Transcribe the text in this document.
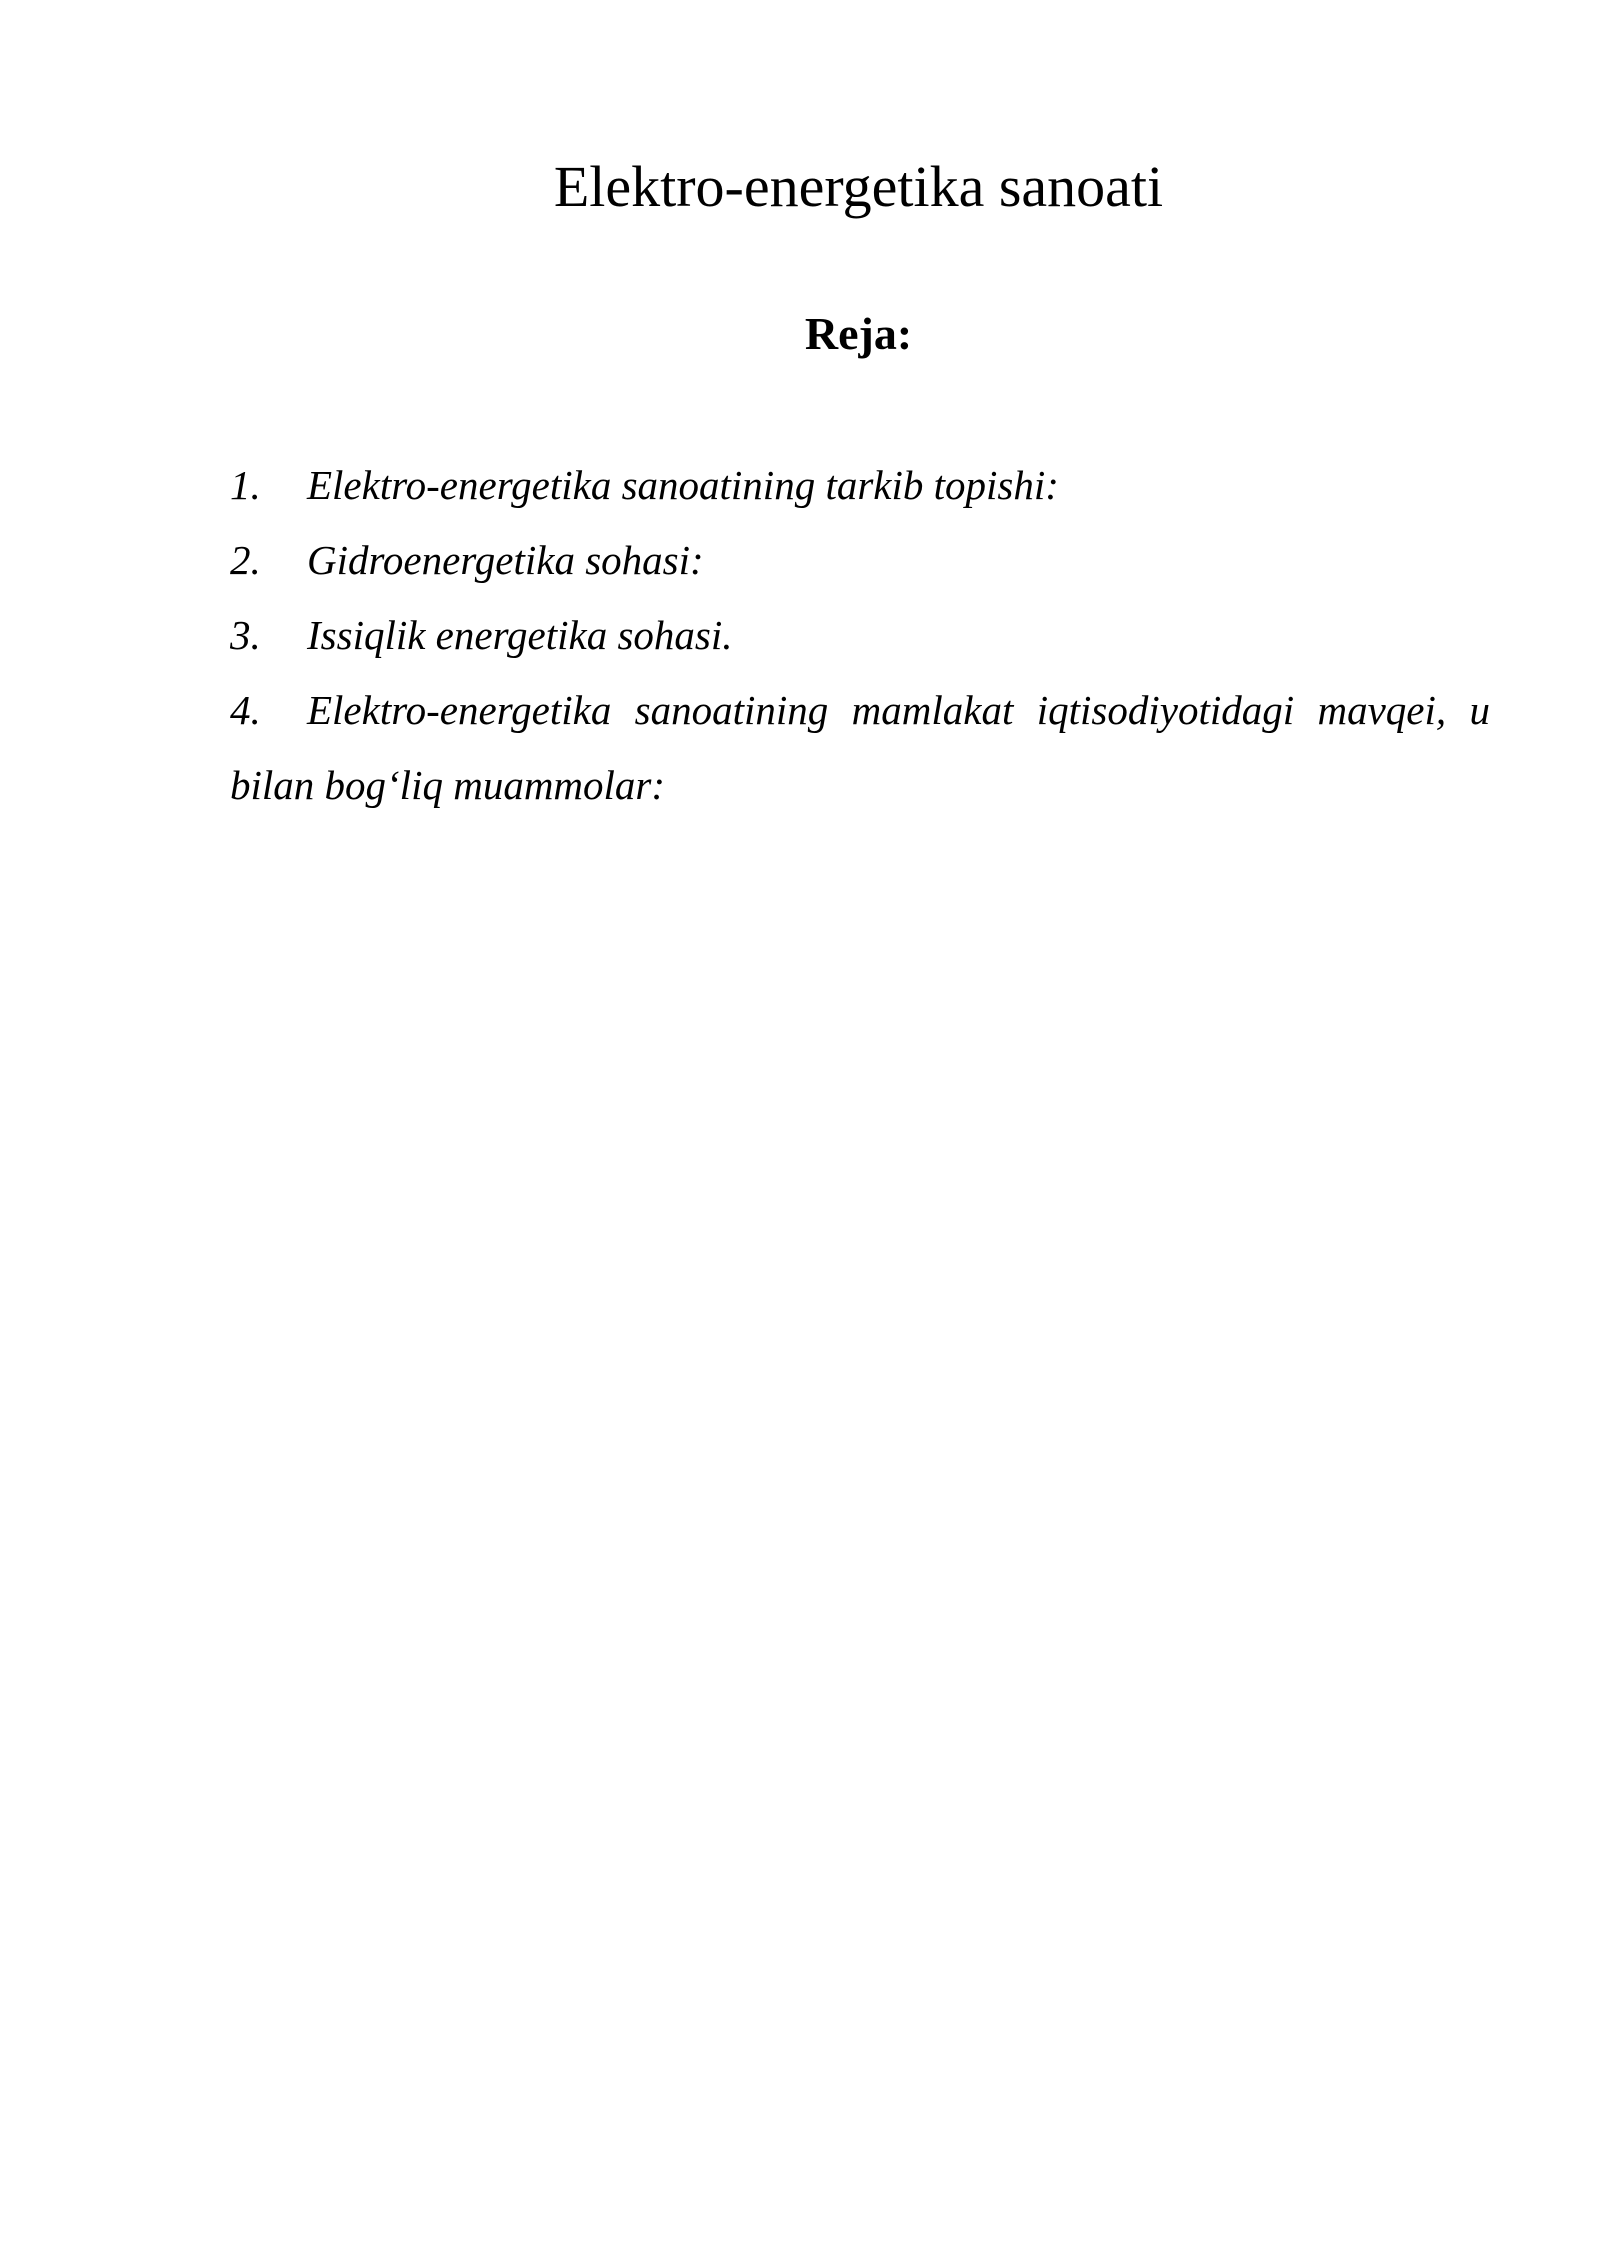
Elektro-energetika sanoati
Reja:
1. Elektro-energetika sanoatining tarkib topishi:
2. Gidroenergetika sohasi:
3. Issiqlik energetika sohasi.
4. Elektro-energetika sanoatining mamlakat iqtisodiyotidagi mavqei, u bilan bog‘liq muammolar:
